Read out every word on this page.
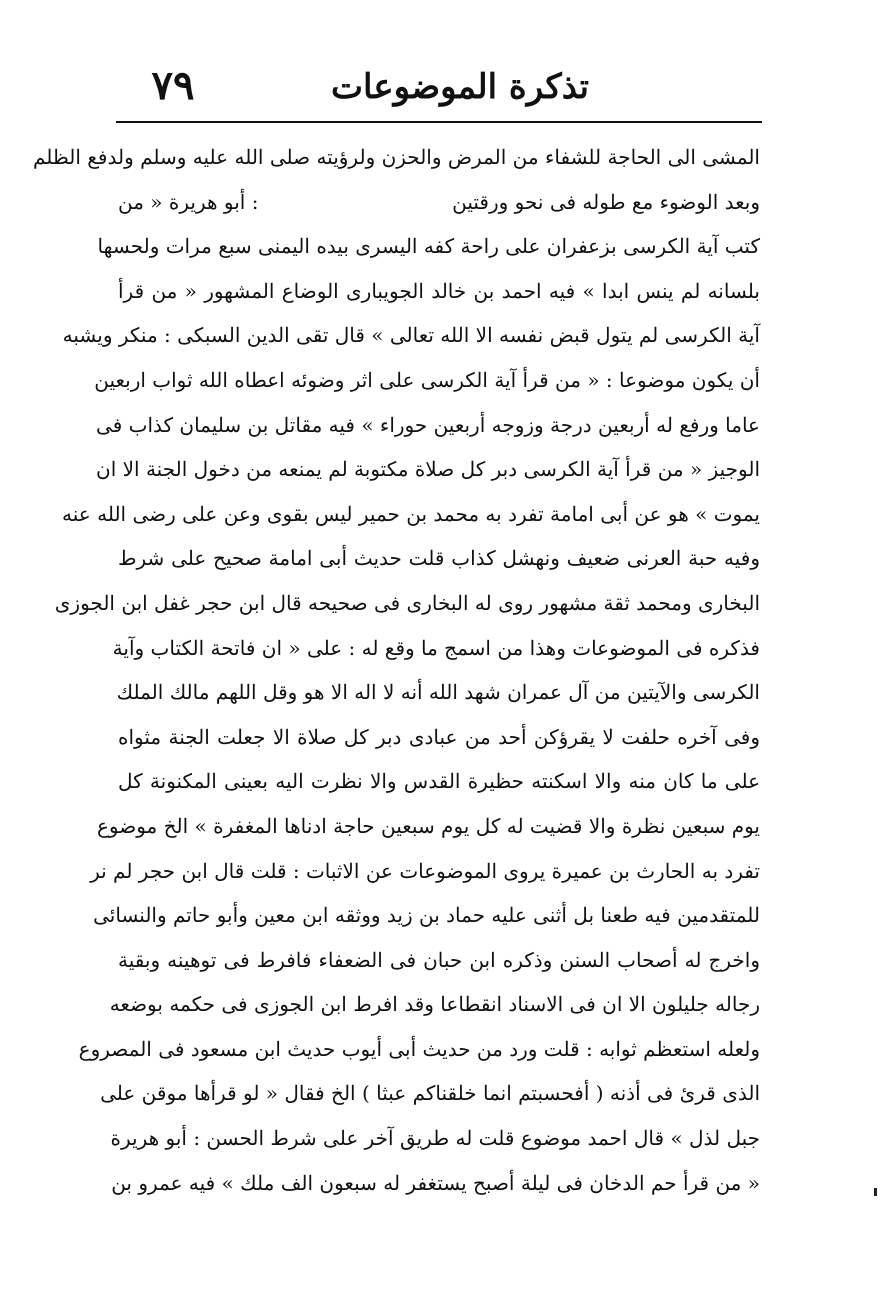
تذكرة الموضوعات
٧٩
المشى الى الحاجة للشفاء من المرض والحزن ولرؤيته صلى الله عليه وسلم ولدفع الظلم
وبعد الوضوء مع طوله فى نحو ورقتين
: أبو هريرة « من
كتب آية الكرسى بزعفران على راحة كفه اليسرى بيده اليمنى سبع مرات ولحسها
بلسانه لم ينس ابدا » فيه احمد بن خالد الجويبارى الوضاع المشهور « من قرأ
آية الكرسى لم يتول قبض نفسه الا الله تعالى » قال تقى الدين السبكى : منكر ويشبه
أن يكون موضوعا : « من قرأ آية الكرسى على اثر وضوئه اعطاه الله ثواب اربعين
عاما ورفع له أربعين درجة وزوجه أربعين حوراء » فيه مقاتل بن سليمان كذاب فى
الوجيز « من قرأ آية الكرسى دبر كل صلاة مكتوبة لم يمنعه من دخول الجنة الا ان
يموت » هو عن أبى امامة تفرد به محمد بن حمير ليس بقوى وعن على رضى الله عنه
وفيه حبة العرنى ضعيف ونهشل كذاب قلت حديث أبى امامة صحيح على شرط
البخارى ومحمد ثقة مشهور روى له البخارى فى صحيحه قال ابن حجر غفل ابن الجوزى
فذكره فى الموضوعات وهذا من اسمج ما وقع له : على « ان فاتحة الكتاب وآية
الكرسى والآيتين من آل عمران شهد الله أنه لا اله الا هو وقل اللهم مالك الملك
وفى آخره حلفت لا يقرؤكن أحد من عبادى دبر كل صلاة الا جعلت الجنة مثواه
على ما كان منه والا اسكنته حظيرة القدس والا نظرت اليه بعينى المكنونة كل
يوم سبعين نظرة والا قضيت له كل يوم سبعين حاجة ادناها المغفرة » الخ موضوع
تفرد به الحارث بن عميرة يروى الموضوعات عن الاثبات : قلت قال ابن حجر لم نر
للمتقدمين فيه طعنا بل أثنى عليه حماد بن زيد ووثقه ابن معين وأبو حاتم والنسائى
واخرج له أصحاب السنن وذكره ابن حبان فى الضعفاء فافرط فى توهينه وبقية
رجاله جليلون الا ان فى الاسناد انقطاعا وقد افرط ابن الجوزى فى حكمه بوضعه
ولعله استعظم ثوابه : قلت ورد من حديث أبى أيوب حديث ابن مسعود فى المصروع
الذى قرئ فى أذنه ( أفحسبتم انما خلقناكم عبثا ) الخ فقال « لو قرأها موقن على
جبل لذل » قال احمد موضوع قلت له طريق آخر على شرط الحسن : أبو هريرة
« من قرأ حم الدخان فى ليلة أصبح يستغفر له سبعون الف ملك » فيه عمرو بن
